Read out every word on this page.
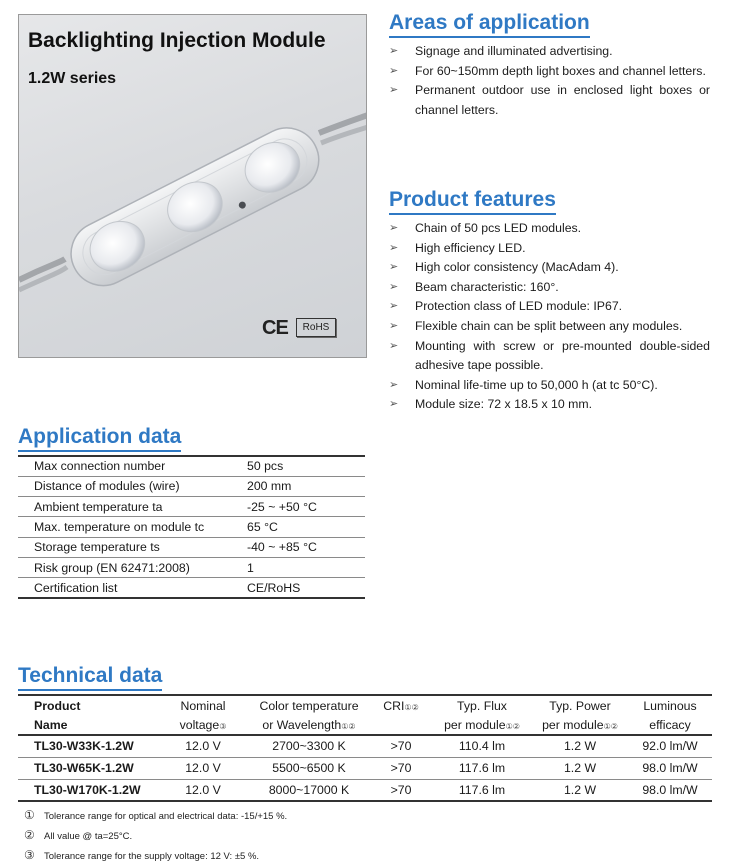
Backlighting Injection Module
1.2W series
CE	RoHS
Areas of application
➢ Signage and illuminated advertising.
➢ For 60~150mm depth light boxes and channel letters.
➢ Permanent outdoor use in enclosed light boxes or channel letters.
Product features
➢ Chain of 50 pcs LED modules.
➢ High efficiency LED.
➢ High color consistency (MacAdam 4).
➢ Beam characteristic: 160°.
➢ Protection class of LED module: IP67.
➢ Flexible chain can be split between any modules.
➢ Mounting with screw or pre-mounted double-sided adhesive tape possible.
➢ Nominal life-time up to 50,000 h (at tc 50°C).
➢ Module size: 72 x 18.5 x 10 mm.
Application data
Max connection number	50 pcs
Distance of modules (wire)	200 mm
Ambient temperature ta	-25 ~ +50 °C
Max. temperature on module tc	65 °C
Storage temperature ts	-40 ~ +85 °C
Risk group (EN 62471:2008)	1
Certification list	CE/RoHS
Technical data
Product	Nominal	Color temperature	CRI①②	Typ. Flux	Typ. Power	Luminous
Name	voltage③	or Wavelength①②		per module①②	per module①②	efficacy
TL30-W33K-1.2W	12.0 V	2700~3300 K	>70	110.4 lm	1.2 W	92.0 lm/W
TL30-W65K-1.2W	12.0 V	5500~6500 K	>70	117.6 lm	1.2 W	98.0 lm/W
TL30-W170K-1.2W	12.0 V	8000~17000 K	>70	117.6 lm	1.2 W	98.0 lm/W
① Tolerance range for optical and electrical data: -15/+15 %.
② All value @ ta=25°C.
③ Tolerance range for the supply voltage: 12 V: ±5 %.
